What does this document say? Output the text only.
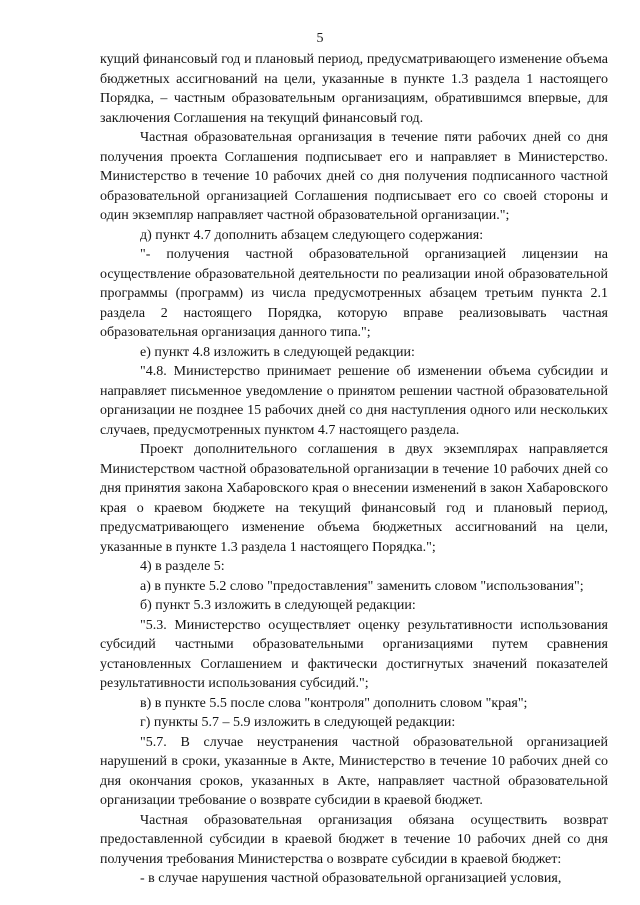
5

кущий финансовый год и плановый период, предусматривающего изменение объема бюджетных ассигнований на цели, указанные в пункте 1.3 раздела 1 настоящего Порядка, – частным образовательным организациям, обратившимся впервые, для заключения Соглашения на текущий финансовый год.

Частная образовательная организация в течение пяти рабочих дней со дня получения проекта Соглашения подписывает его и направляет в Министерство. Министерство в течение 10 рабочих дней со дня получения подписанного частной образовательной организацией Соглашения подписывает его со своей стороны и один экземпляр направляет частной образовательной организации.";

д) пункт 4.7 дополнить абзацем следующего содержания:

"- получения частной образовательной организацией лицензии на осуществление образовательной деятельности по реализации иной образовательной программы (программ) из числа предусмотренных абзацем третьим пункта 2.1 раздела 2 настоящего Порядка, которую вправе реализовывать частная образовательная организация данного типа.";

е) пункт 4.8 изложить в следующей редакции:

"4.8. Министерство принимает решение об изменении объема субсидии и направляет письменное уведомление о принятом решении частной образовательной организации не позднее 15 рабочих дней со дня наступления одного или нескольких случаев, предусмотренных пунктом 4.7 настоящего раздела.

Проект дополнительного соглашения в двух экземплярах направляется Министерством частной образовательной организации в течение 10 рабочих дней со дня принятия закона Хабаровского края о внесении изменений в закон Хабаровского края о краевом бюджете на текущий финансовый год и плановый период, предусматривающего изменение объема бюджетных ассигнований на цели, указанные в пункте 1.3 раздела 1 настоящего Порядка.";

4) в разделе 5:

а) в пункте 5.2 слово "предоставления" заменить словом "использования";

б) пункт 5.3 изложить в следующей редакции:

"5.3. Министерство осуществляет оценку результативности использования субсидий частными образовательными организациями путем сравнения установленных Соглашением и фактически достигнутых значений показателей результативности использования субсидий.";

в) в пункте 5.5 после слова "контроля" дополнить словом "края";

г) пункты 5.7 – 5.9 изложить в следующей редакции:

"5.7. В случае неустранения частной образовательной организацией нарушений в сроки, указанные в Акте, Министерство в течение 10 рабочих дней со дня окончания сроков, указанных в Акте, направляет частной образовательной организации требование о возврате субсидии в краевой бюджет.

Частная образовательная организация обязана осуществить возврат предоставленной субсидии в краевой бюджет в течение 10 рабочих дней со дня получения требования Министерства о возврате субсидии в краевой бюджет:

- в случае нарушения частной образовательной организацией условия,
